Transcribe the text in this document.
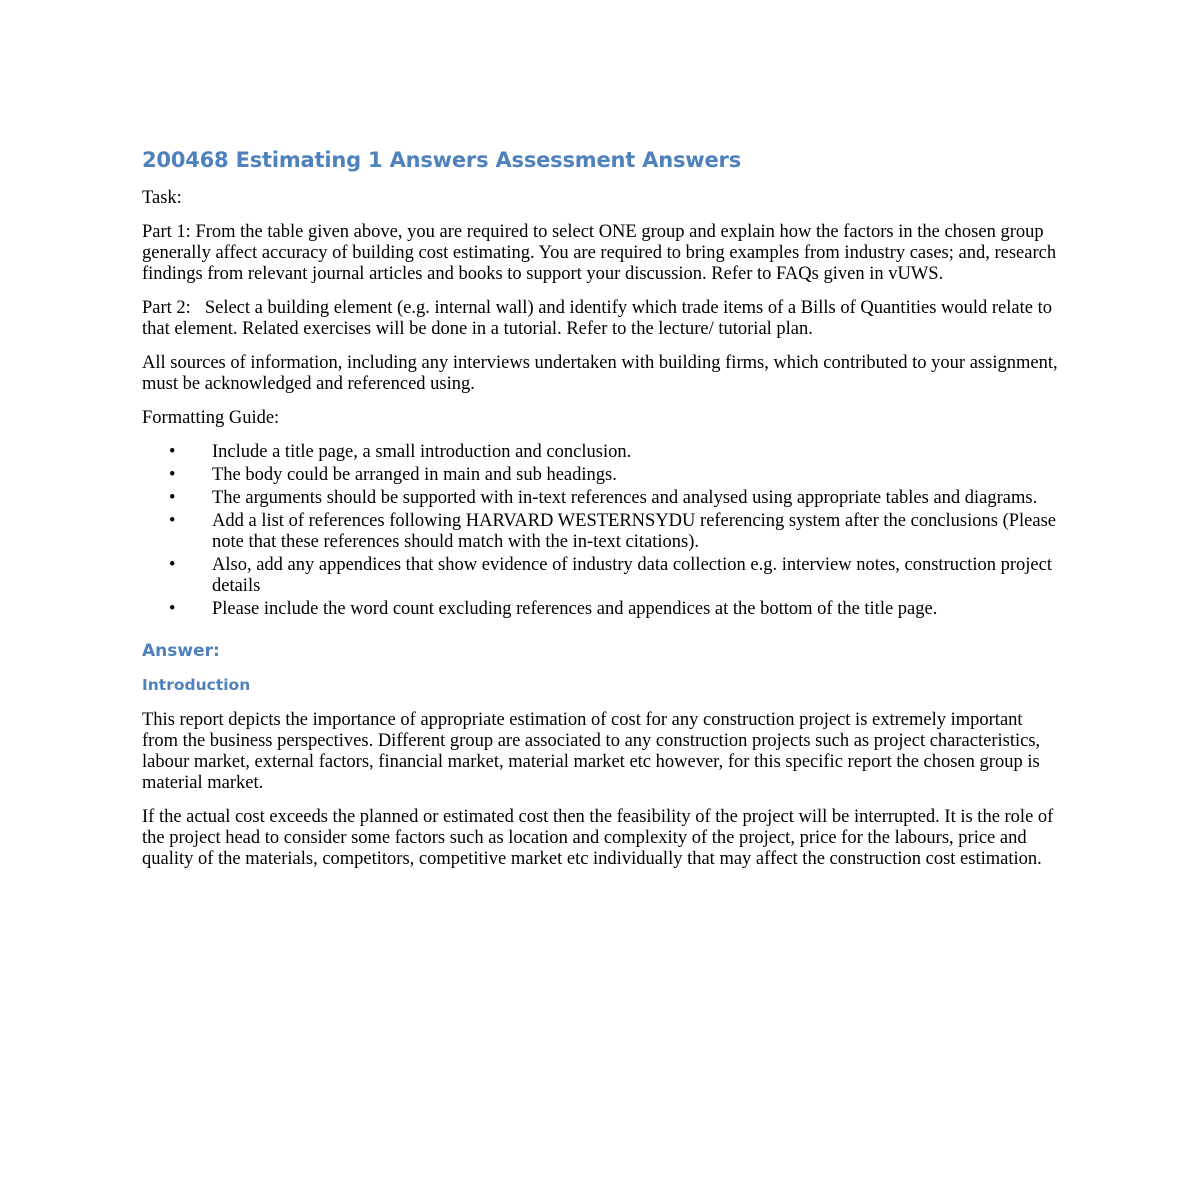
200468 Estimating 1 Answers Assessment Answers

Task:

Part 1: From the table given above, you are required to select ONE group and explain how the factors in the chosen group generally affect accuracy of building cost estimating. You are required to bring examples from industry cases; and, research findings from relevant journal articles and books to support your discussion. Refer to FAQs given in vUWS.

Part 2: Select a building element (e.g. internal wall) and identify which trade items of a Bills of Quantities would relate to that element. Related exercises will be done in a tutorial. Refer to the lecture/ tutorial plan.

All sources of information, including any interviews undertaken with building firms, which contributed to your assignment, must be acknowledged and referenced using.

Formatting Guide:

• Include a title page, a small introduction and conclusion.
• The body could be arranged in main and sub headings.
• The arguments should be supported with in-text references and analysed using appropriate tables and diagrams.
• Add a list of references following HARVARD WESTERNSYDU referencing system after the conclusions (Please note that these references should match with the in-text citations).
• Also, add any appendices that show evidence of industry data collection e.g. interview notes, construction project details
• Please include the word count excluding references and appendices at the bottom of the title page.
Answer:
Introduction

This report depicts the importance of appropriate estimation of cost for any construction project is extremely important from the business perspectives. Different group are associated to any construction projects such as project characteristics, labour market, external factors, financial market, material market etc however, for this specific report the chosen group is material market.

If the actual cost exceeds the planned or estimated cost then the feasibility of the project will be interrupted. It is the role of the project head to consider some factors such as location and complexity of the project, price for the labours, price and quality of the materials, competitors, competitive market etc individually that may affect the construction cost estimation.
